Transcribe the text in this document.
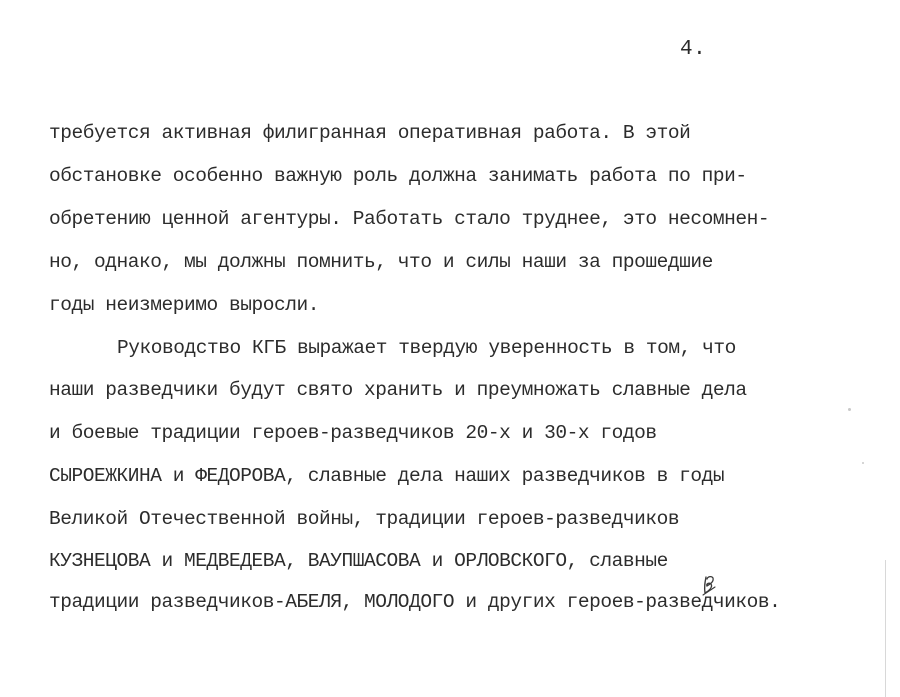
4.
требуется активная филигранная оперативная работа. В этой
обстановке особенно важную роль должна занимать работа по при-
обретению ценной агентуры. Работать стало труднее, это несомнен-
но, однако, мы должны помнить, что и силы наши за прошедшие
годы неизмеримо выросли.
Руководство КГБ выражает твердую уверенность в том, что
наши разведчики будут свято хранить и преумножать славные дела
и боевые традиции героев-разведчиков 20-х и 30-х годов
СЫРОЕЖКИНА и ФЕДОРОВА, славные дела наших разведчиков в годы
Великой Отечественной войны, традиции героев-разведчиков
КУЗНЕЦОВА и МЕДВЕДЕВА, ВАУПШАСОВА и ОРЛОВСКОГО, славные
традиции разведчиков-АБЕЛЯ, МОЛОДОГО и других героев-разведчиков.
